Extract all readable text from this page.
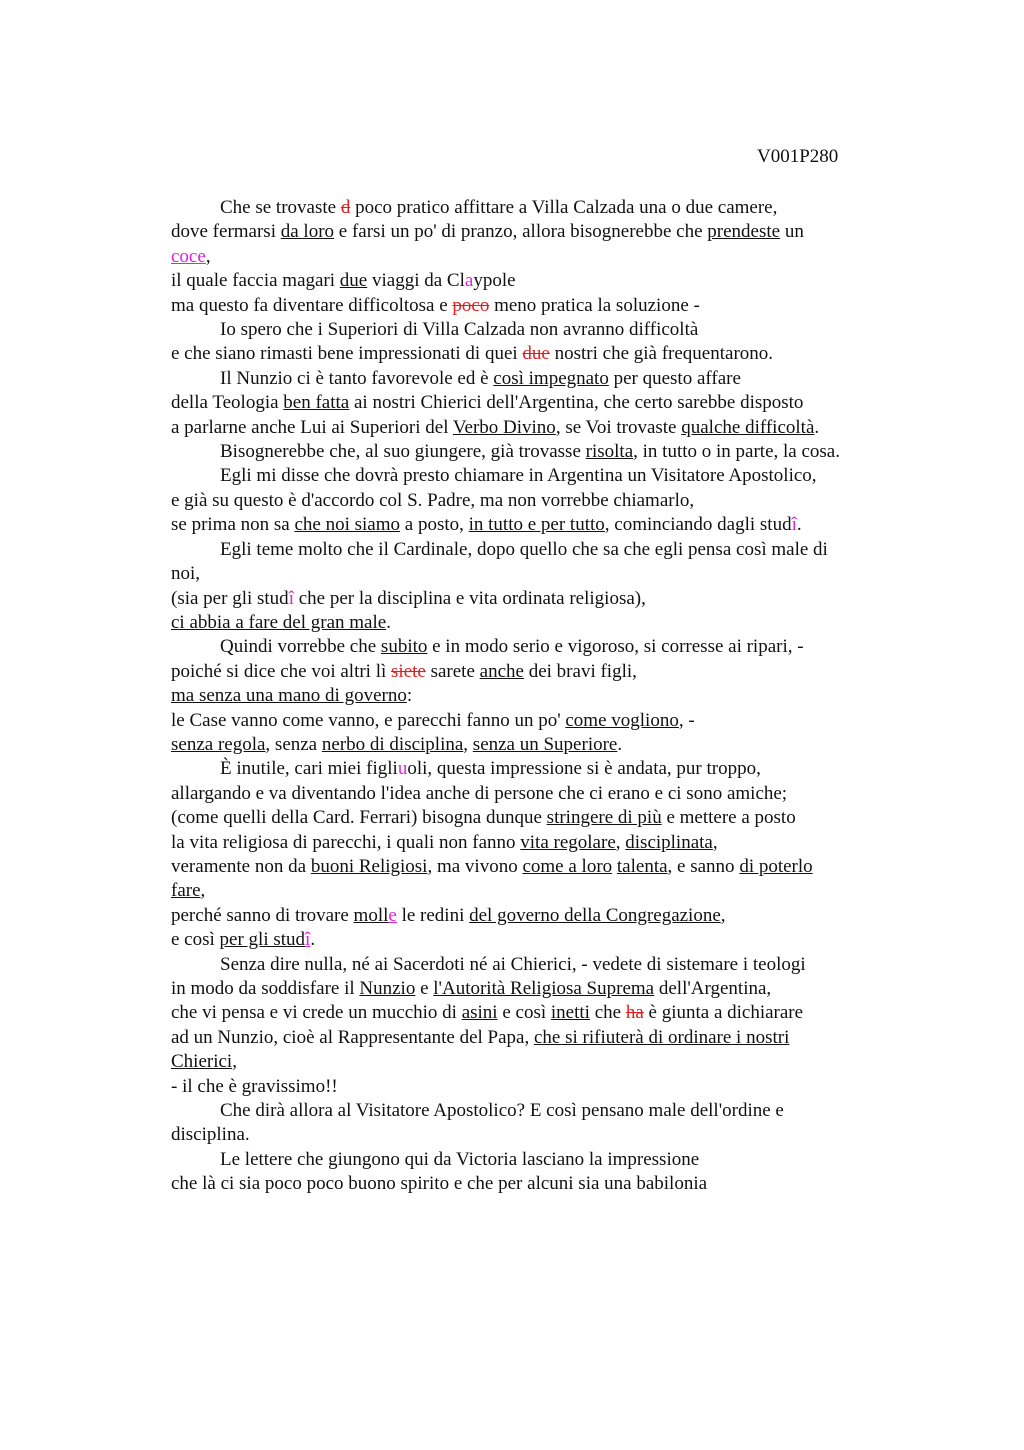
V001P280
Che se trovaste d poco pratico affittare a Villa Calzada una o due camere,
dove fermarsi da loro e farsi un po' di pranzo, allora bisognerebbe che prendeste un
coce,
il quale faccia magari due viaggi da Claypole
ma questo fa diventare difficoltosa e poco meno pratica la soluzione -
Io spero che i Superiori di Villa Calzada non avranno difficoltà
e che siano rimasti bene impressionati di quei due nostri che già frequentarono.
Il Nunzio ci è tanto favorevole ed è così impegnato per questo affare
della Teologia ben fatta ai nostri Chierici dell'Argentina, che certo sarebbe disposto
a parlarne anche Lui ai Superiori del Verbo Divino, se Voi trovaste qualche difficoltà.
Bisognerebbe che, al suo giungere, già trovasse risolta, in tutto o in parte, la cosa.
Egli mi disse che dovrà presto chiamare in Argentina un Visitatore Apostolico,
e già su questo è d'accordo col S. Padre, ma non vorrebbe chiamarlo,
se prima non sa che noi siamo a posto, in tutto e per tutto, cominciando dagli studî.
Egli teme molto che il Cardinale, dopo quello che sa che egli pensa così male di
noi,
(sia per gli studî che per la disciplina e vita ordinata religiosa),
ci abbia a fare del gran male.
Quindi vorrebbe che subito e in modo serio e vigoroso, si corresse ai ripari, -
poiché si dice che voi altri lì siete sarete anche dei bravi figli,
ma senza una mano di governo:
le Case vanno come vanno, e parecchi fanno un po' come vogliono, -
senza regola, senza nerbo di disciplina, senza un Superiore.
È inutile, cari miei figliuoli, questa impressione si è andata, pur troppo,
allargando e va diventando l'idea anche di persone che ci erano e ci sono amiche;
(come quelli della Card. Ferrari) bisogna dunque stringere di più e mettere a posto
la vita religiosa di parecchi, i quali non fanno vita regolare, disciplinata,
veramente non da buoni Religiosi, ma vivono come a loro talenta, e sanno di poterlo
fare,
perché sanno di trovare molle le redini del governo della Congregazione,
e così per gli studî.
Senza dire nulla, né ai Sacerdoti né ai Chierici, - vedete di sistemare i teologi
in modo da soddisfare il Nunzio e l'Autorità Religiosa Suprema dell'Argentina,
che vi pensa e vi crede un mucchio di asini e così inetti che ha è giunta a dichiarare
ad un Nunzio, cioè al Rappresentante del Papa, che si rifiuterà di ordinare i nostri
Chierici,
- il che è gravissimo!!
Che dirà allora al Visitatore Apostolico? E così pensano male dell'ordine e
disciplina.
Le lettere che giungono qui da Victoria lasciano la impressione
che là ci sia poco poco buono spirito e che per alcuni sia una babilonia
